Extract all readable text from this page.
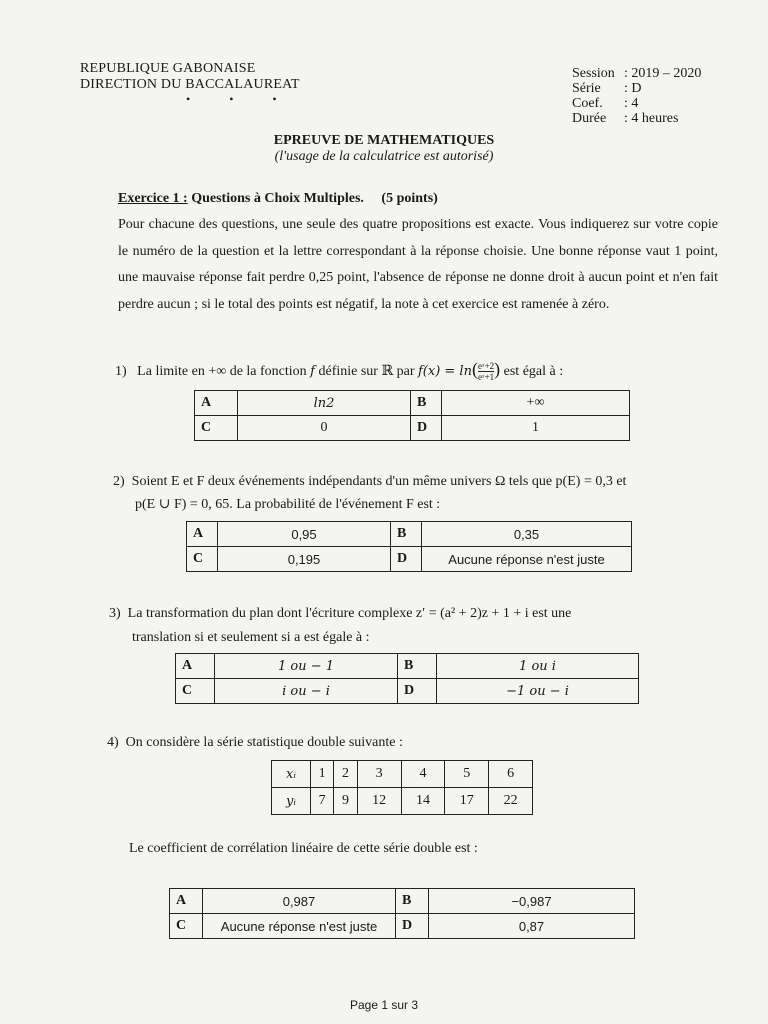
REPUBLIQUE GABONAISE
DIRECTION DU BACCALAUREAT
• • •
Session : 2019 – 2020
Série	: D
Coef.	: 4
Durée	: 4 heures
EPREUVE DE MATHEMATIQUES
(l'usage de la calculatrice est autorisé)
Exercice 1 : Questions à Choix Multiples. (5 points)
Pour chacune des questions, une seule des quatre propositions est exacte. Vous indiquerez sur votre copie le numéro de la question et la lettre correspondant à la réponse choisie. Une bonne réponse vaut 1 point, une mauvaise réponse fait perdre 0,25 point, l'absence de réponse ne donne droit à aucun point et n'en fait perdre aucun ; si le total des points est négatif, la note à cet exercice est ramenée à zéro.
1) La limite en +∞ de la fonction f définie sur ℝ par $f(x) = \ln( \frac{\text{eˣ+2}}{\text{eˣ+1}}$ ) est égal à :
A	ln2	B	+∞
C	0	D	1
2) Soient E et F deux événements indépendants d'un même univers Ω tels que p(E) = 0,3 et
p(E ∪ F) = 0, 65. La probabilité de l'événement F est :
A	0,95	B	0,35
C	0,195	D	Aucune réponse n'est juste
3) La transformation du plan dont l'écriture complexe z′ = (a² + 2)z + 1 + i est une
translation si et seulement si a est égale à :
A	1 ou − 1	B	1 ou i
C	i ou − i	D	−1 ou − i
4) On considère la série statistique double suivante :
xᵢ	1	2	3	4	5	6
yᵢ	7	9	12	14	17	22
Le coefficient de corrélation linéaire de cette série double est :
A	0,987	B	−0,987
C	Aucune réponse n'est juste	D	0,87
Page 1 sur 3
